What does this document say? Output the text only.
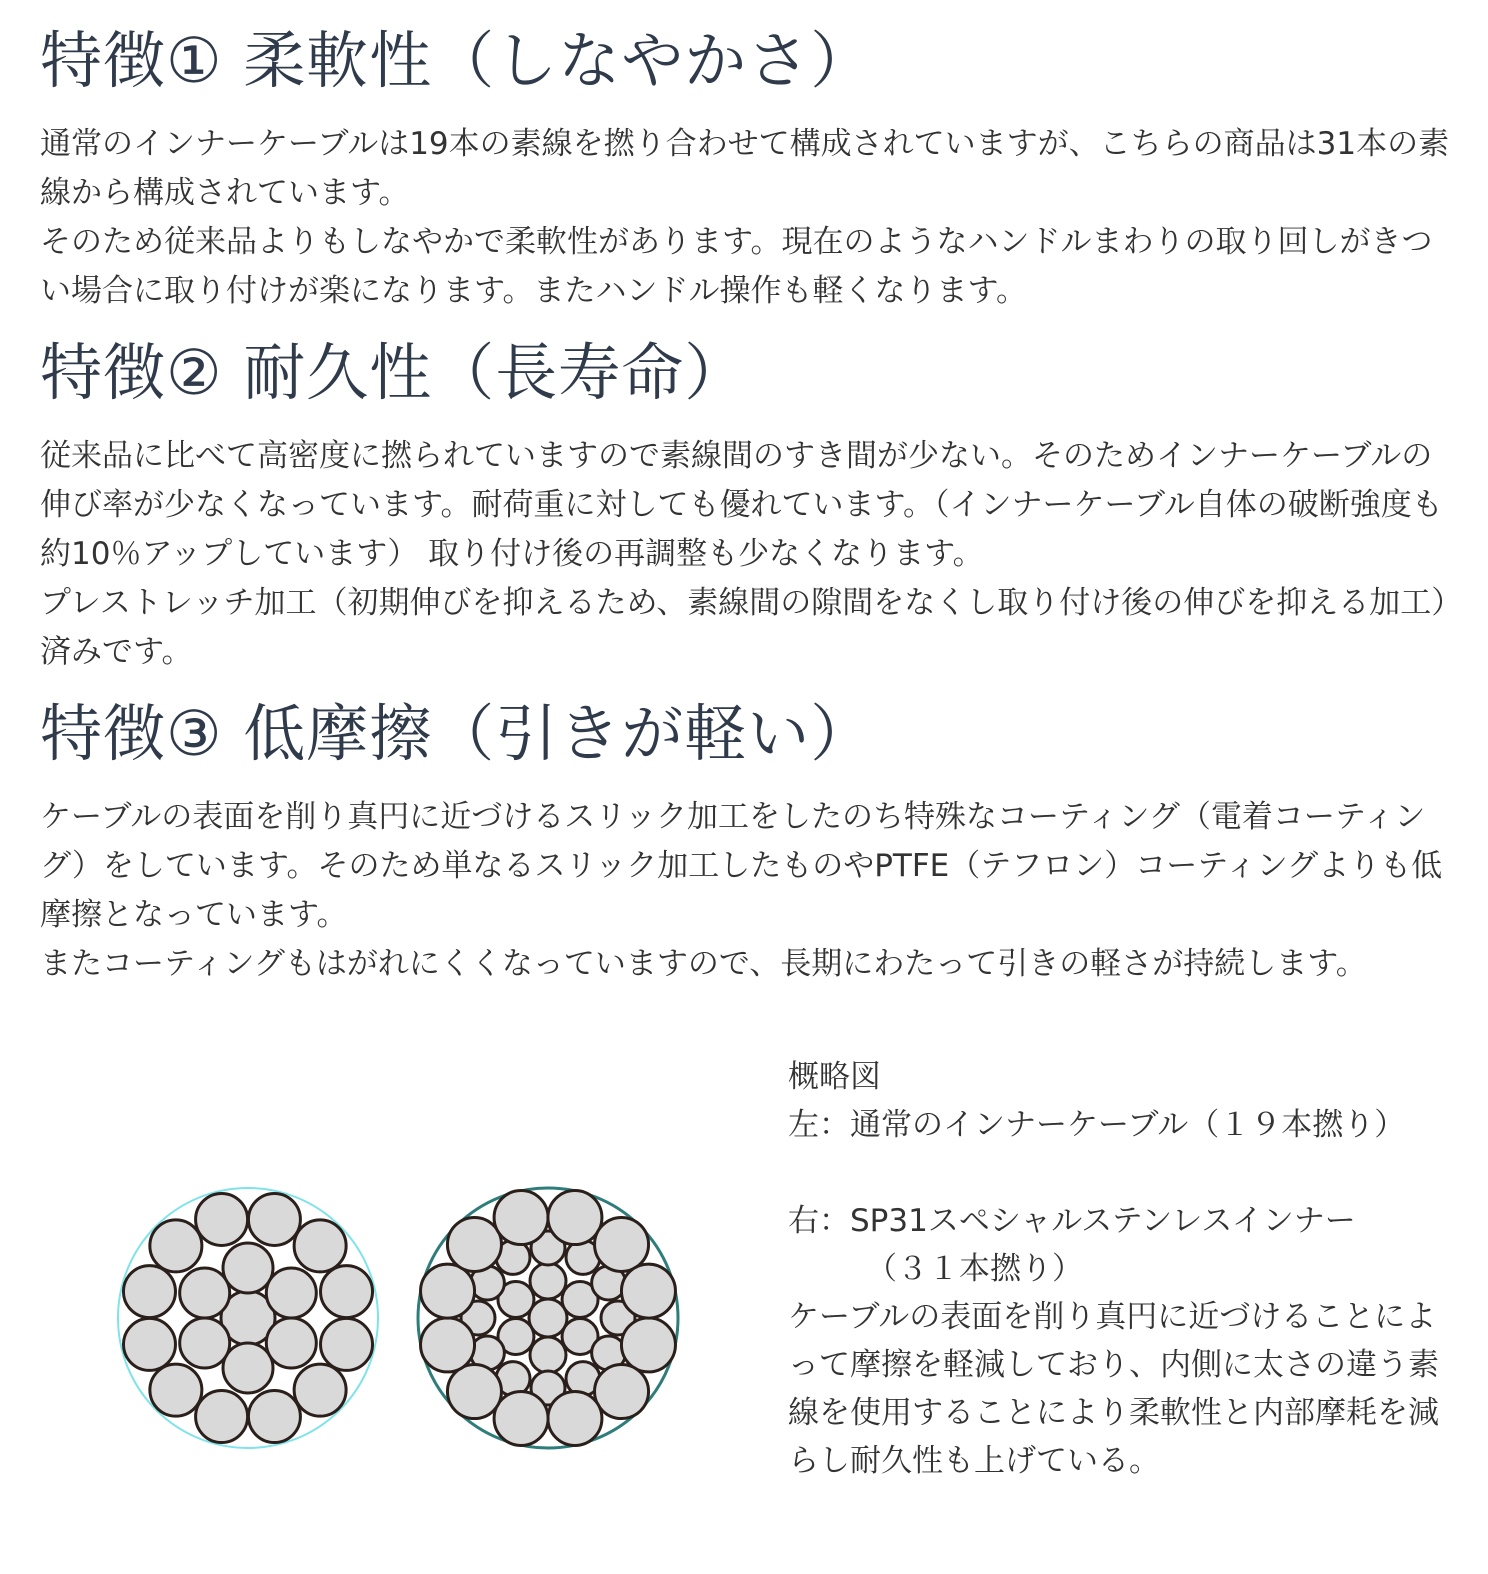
特徴① 柔軟性（しなやかさ）

通常のインナーケーブルは19本の素線を撚り合わせて構成されていますが、こちらの商品は31本の素線から構成されています。

そのため従来品よりもしなやかで柔軟性があります。現在のようなハンドルまわりの取り回しがきつい場合に取り付けが楽になります。またハンドル操作も軽くなります。

特徴② 耐久性（長寿命）

従来品に比べて高密度に撚られていますので素線間のすき間が少ない。そのためインナーケーブルの伸び率が少なくなっています。耐荷重に対しても優れています。（インナーケーブル自体の破断強度も約10％アップしています） 取り付け後の再調整も少なくなります。

プレストレッチ加工（初期伸びを抑えるため、素線間の隙間をなくし取り付け後の伸びを抑える加工）済みです。

特徴③ 低摩擦（引きが軽い）

ケーブルの表面を削り真円に近づけるスリック加工をしたのち特殊なコーティング（電着コーティング）をしています。そのため単なるスリック加工したものやPTFE（テフロン）コーティングよりも低摩擦となっています。

またコーティングもはがれにくくなっていますので、長期にわたって引きの軽さが持続します。

概略図

左：通常のインナーケーブル（１９本撚り）

右：SP31スペシャルステンレスインナー

（３１本撚り）

ケーブルの表面を削り真円に近づけることによって摩擦を軽減しており、内側に太さの違う素線を使用することにより柔軟性と内部摩耗を減らし耐久性も上げている。
